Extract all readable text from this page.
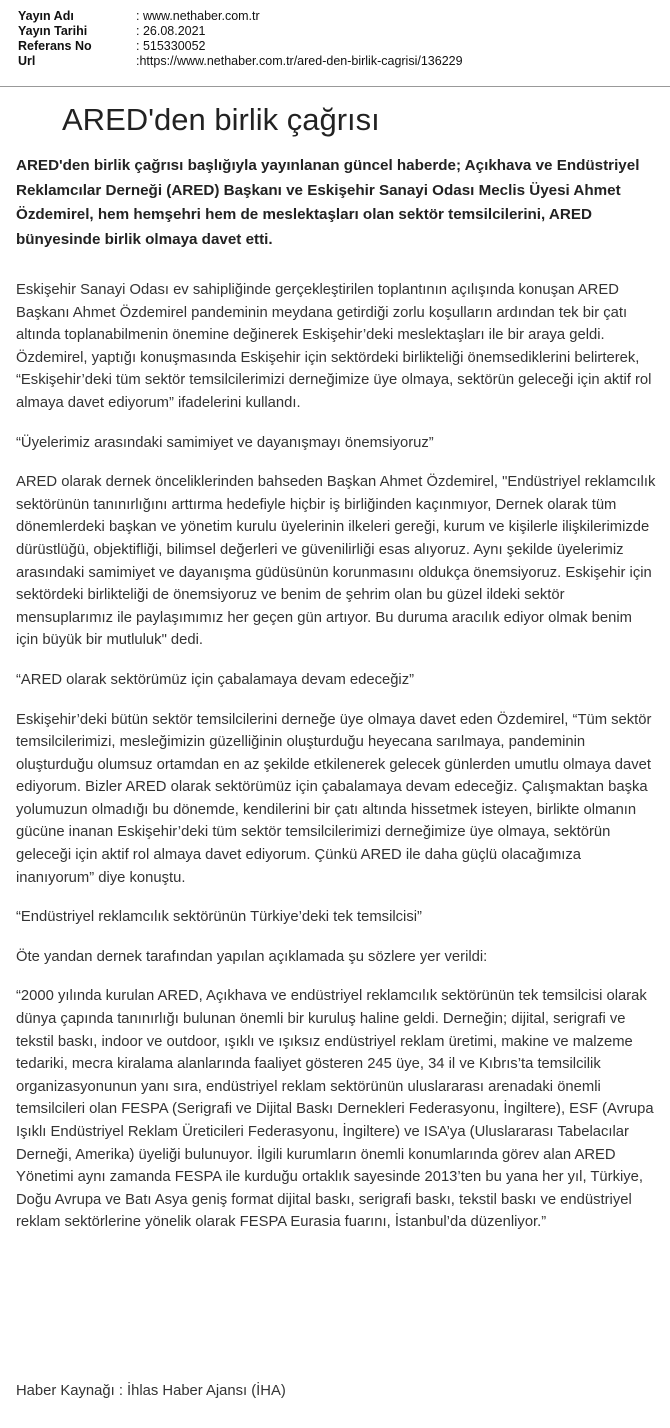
Yayın Adı	: www.nethaber.com.tr
Yayın Tarihi	: 26.08.2021
Referans No	: 515330052
Url	:https://www.nethaber.com.tr/ared-den-birlik-cagrisi/136229
ARED'den birlik çağrısı

ARED'den birlik çağrısı başlığıyla yayınlanan güncel haberde; Açıkhava ve Endüstriyel Reklamcılar Derneği (ARED) Başkanı ve Eskişehir Sanayi Odası Meclis Üyesi Ahmet Özdemirel, hem hemşehri hem de meslektaşları olan sektör temsilcilerini, ARED bünyesinde birlik olmaya davet etti.

Eskişehir Sanayi Odası ev sahipliğinde gerçekleştirilen toplantının açılışında konuşan ARED Başkanı Ahmet Özdemirel pandeminin meydana getirdiği zorlu koşulların ardından tek bir çatı altında toplanabilmenin önemine değinerek Eskişehir’deki meslektaşları ile bir araya geldi. Özdemirel, yaptığı konuşmasında Eskişehir için sektördeki birlikteliği önemsediklerini belirterek, “Eskişehir’deki tüm sektör temsilcilerimizi derneğimize üye olmaya, sektörün geleceği için aktif rol almaya davet ediyorum” ifadelerini kullandı.

“Üyelerimiz arasındaki samimiyet ve dayanışmayı önemsiyoruz”

ARED olarak dernek önceliklerinden bahseden Başkan Ahmet Özdemirel, "Endüstriyel reklamcılık sektörünün tanınırlığını arttırma hedefiyle hiçbir iş birliğinden kaçınmıyor, Dernek olarak tüm dönemlerdeki başkan ve yönetim kurulu üyelerinin ilkeleri gereği, kurum ve kişilerle ilişkilerimizde dürüstlüğü, objektifliği, bilimsel değerleri ve güvenilirliği esas alıyoruz. Aynı şekilde üyelerimiz arasındaki samimiyet ve dayanışma güdüsünün korunmasını oldukça önemsiyoruz. Eskişehir için sektördeki birlikteliği de önemsiyoruz ve benim de şehrim olan bu güzel ildeki sektör mensuplarımız ile paylaşımımız her geçen gün artıyor. Bu duruma aracılık ediyor olmak benim için büyük bir mutluluk" dedi.

“ARED olarak sektörümüz için çabalamaya devam edeceğiz”

Eskişehir’deki bütün sektör temsilcilerini derneğe üye olmaya davet eden Özdemirel, “Tüm sektör temsilcilerimizi, mesleğimizin güzelliğinin oluşturduğu heyecana sarılmaya, pandeminin oluşturduğu olumsuz ortamdan en az şekilde etkilenerek gelecek günlerden umutlu olmaya davet ediyorum. Bizler ARED olarak sektörümüz için çabalamaya devam edeceğiz. Çalışmaktan başka yolumuzun olmadığı bu dönemde, kendilerini bir çatı altında hissetmek isteyen, birlikte olmanın gücüne inanan Eskişehir’deki tüm sektör temsilcilerimizi derneğimize üye olmaya, sektörün geleceği için aktif rol almaya davet ediyorum. Çünkü ARED ile daha güçlü olacağımıza inanıyorum” diye konuştu.

“Endüstriyel reklamcılık sektörünün Türkiye’deki tek temsilcisi”

Öte yandan dernek tarafından yapılan açıklamada şu sözlere yer verildi:

“2000 yılında kurulan ARED, Açıkhava ve endüstriyel reklamcılık sektörünün tek temsilcisi olarak dünya çapında tanınırlığı bulunan önemli bir kuruluş haline geldi. Derneğin; dijital, serigrafi ve tekstil baskı, indoor ve outdoor, ışıklı ve ışıksız endüstriyel reklam üretimi, makine ve malzeme tedariki, mecra kiralama alanlarında faaliyet gösteren 245 üye, 34 il ve Kıbrıs’ta temsilcilik organizasyonunun yanı sıra, endüstriyel reklam sektörünün uluslararası arenadaki önemli temsilcileri olan FESPA (Serigrafi ve Dijital Baskı Dernekleri Federasyonu, İngiltere), ESF (Avrupa Işıklı Endüstriyel Reklam Üreticileri Federasyonu, İngiltere) ve ISA’ya (Uluslararası Tabelacılar Derneği, Amerika) üyeliği bulunuyor. İlgili kurumların önemli konumlarında görev alan ARED Yönetimi aynı zamanda FESPA ile kurduğu ortaklık sayesinde 2013’ten bu yana her yıl, Türkiye, Doğu Avrupa ve Batı Asya geniş format dijital baskı, serigrafi baskı, tekstil baskı ve endüstriyel reklam sektörlerine yönelik olarak FESPA Eurasia fuarını, İstanbul’da düzenliyor.”

Haber Kaynağı : İhlas Haber Ajansı (İHA)
